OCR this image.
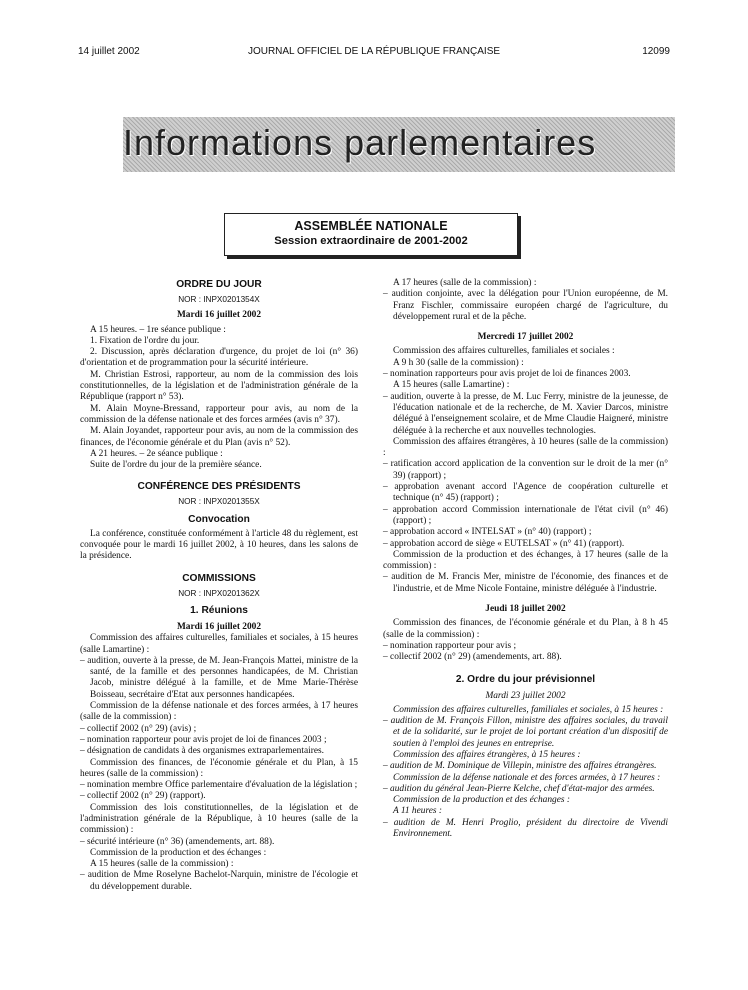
14 juillet 2002	JOURNAL OFFICIEL DE LA RÉPUBLIQUE FRANÇAISE	12099
Informations parlementaires
ASSEMBLÉE NATIONALE
Session extraordinaire de 2001-2002

ORDRE DU JOUR

NOR : INPX0201354X

Mardi 16 juillet 2002

A 15 heures. – 1re séance publique :

1. Fixation de l'ordre du jour.

2. Discussion, après déclaration d'urgence, du projet de loi (n° 36) d'orientation et de programmation pour la sécurité intérieure.

M. Christian Estrosi, rapporteur, au nom de la commission des lois constitutionnelles, de la législation et de l'administration générale de la République (rapport n° 53).

M. Alain Moyne-Bressand, rapporteur pour avis, au nom de la commission de la défense nationale et des forces armées (avis n° 37).

M. Alain Joyandet, rapporteur pour avis, au nom de la commission des finances, de l'économie générale et du Plan (avis n° 52).

A 21 heures. – 2e séance publique :

Suite de l'ordre du jour de la première séance.

CONFÉRENCE DES PRÉSIDENTS

NOR : INPX0201355X

Convocation

La conférence, constituée conformément à l'article 48 du règlement, est convoquée pour le mardi 16 juillet 2002, à 10 heures, dans les salons de la présidence.

COMMISSIONS

NOR : INPX0201362X

1. Réunions

Mardi 16 juillet 2002

Commission des affaires culturelles, familiales et sociales, à 15 heures (salle Lamartine) :

– audition, ouverte à la presse, de M. Jean-François Mattei, ministre de la santé, de la famille et des personnes handicapées, de M. Christian Jacob, ministre délégué à la famille, et de Mme Marie-Thérèse Boisseau, secrétaire d'Etat aux personnes handicapées.

Commission de la défense nationale et des forces armées, à 17 heures (salle de la commission) :

– collectif 2002 (n° 29) (avis) ;

– nomination rapporteur pour avis projet de loi de finances 2003 ;

– désignation de candidats à des organismes extraparlementaires.

Commission des finances, de l'économie générale et du Plan, à 15 heures (salle de la commission) :

– nomination membre Office parlementaire d'évaluation de la législation ;

– collectif 2002 (n° 29) (rapport).

Commission des lois constitutionnelles, de la législation et de l'administration générale de la République, à 10 heures (salle de la commission) :

– sécurité intérieure (n° 36) (amendements, art. 88).

Commission de la production et des échanges :

A 15 heures (salle de la commission) :

– audition de Mme Roselyne Bachelot-Narquin, ministre de l'écologie et du développement durable.

A 17 heures (salle de la commission) :

– audition conjointe, avec la délégation pour l'Union européenne, de M. Franz Fischler, commissaire européen chargé de l'agriculture, du développement rural et de la pêche.

Mercredi 17 juillet 2002

Commission des affaires culturelles, familiales et sociales :

A 9 h 30 (salle de la commission) :

– nomination rapporteurs pour avis projet de loi de finances 2003.

A 15 heures (salle Lamartine) :

– audition, ouverte à la presse, de M. Luc Ferry, ministre de la jeunesse, de l'éducation nationale et de la recherche, de M. Xavier Darcos, ministre délégué à l'enseignement scolaire, et de Mme Claudie Haigneré, ministre déléguée à la recherche et aux nouvelles technologies.

Commission des affaires étrangères, à 10 heures (salle de la commission) :

– ratification accord application de la convention sur le droit de la mer (n° 39) (rapport) ;

– approbation avenant accord l'Agence de coopération culturelle et technique (n° 45) (rapport) ;

– approbation accord Commission internationale de l'état civil (n° 46) (rapport) ;

– approbation accord « INTELSAT » (n° 40) (rapport) ;

– approbation accord de siège « EUTELSAT » (n° 41) (rapport).

Commission de la production et des échanges, à 17 heures (salle de la commission) :

– audition de M. Francis Mer, ministre de l'économie, des finances et de l'industrie, et de Mme Nicole Fontaine, ministre déléguée à l'industrie.

Jeudi 18 juillet 2002

Commission des finances, de l'économie générale et du Plan, à 8 h 45 (salle de la commission) :

– nomination rapporteur pour avis ;

– collectif 2002 (n° 29) (amendements, art. 88).

2. Ordre du jour prévisionnel

Mardi 23 juillet 2002

Commission des affaires culturelles, familiales et sociales, à 15 heures :

– audition de M. François Fillon, ministre des affaires sociales, du travail et de la solidarité, sur le projet de loi portant création d'un dispositif de soutien à l'emploi des jeunes en entreprise.

Commission des affaires étrangères, à 15 heures :

– audition de M. Dominique de Villepin, ministre des affaires étrangères.

Commission de la défense nationale et des forces armées, à 17 heures :

– audition du général Jean-Pierre Kelche, chef d'état-major des armées.

Commission de la production et des échanges :

A 11 heures :

– audition de M. Henri Proglio, président du directoire de Vivendi Environnement.
